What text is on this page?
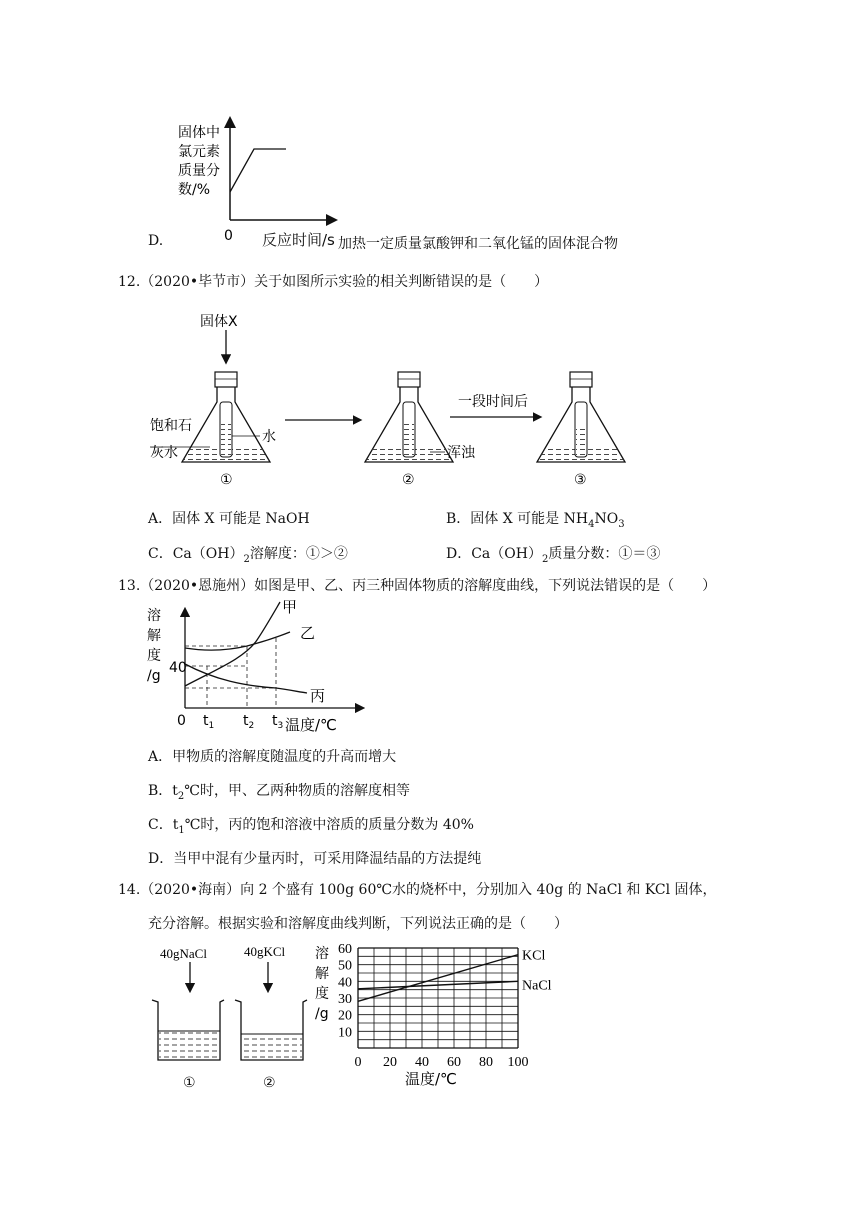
D.
固体中
氯元素
质量分
数/%
0 反应时间/s 加热一定质量氯酸钾和二氧化锰的固体混合物
12.（2020•毕节市）关于如图所示实验的相关判断错误的是（　　）
固体X
饱和石
灰水
水
①
浑浊
②
一段时间后
③
A．固体 X 可能是 NaOH	B．固体 X 可能是 $NH_4NO_3$
C．$Ca(OH)_2$溶解度：①＞②	D．$Ca(OH)_2$质量分数：①＝③
13.（2020•恩施州）如图是甲、乙、丙三种固体物质的溶解度曲线，下列说法错误的是（　　）
溶
解
度
/g 40
0 $t_1$ $t_2$ $t_3$ 温度/℃
甲
乙
丙
A．甲物质的溶解度随温度的升高而增大
B．$t_2℃$时，甲、乙两种物质的溶解度相等
C．$t_1℃$时，丙的饱和溶液中溶质的质量分数为 40%
D．当甲中混有少量丙时，可采用降温结晶的方法提纯
14.（2020•海南）向 2 个盛有 100g 60℃水的烧杯中，分别加入 40g 的 NaCl 和 KCl 固体，
充分溶解。根据实验和溶解度曲线判断，下列说法正确的是（　　）
40gNaCl	40gKCl
①	②
KCl
NaCl
10
20
30
40
50
60
0 20 40 60 80 100
溶
解
度
/g
温度/℃
